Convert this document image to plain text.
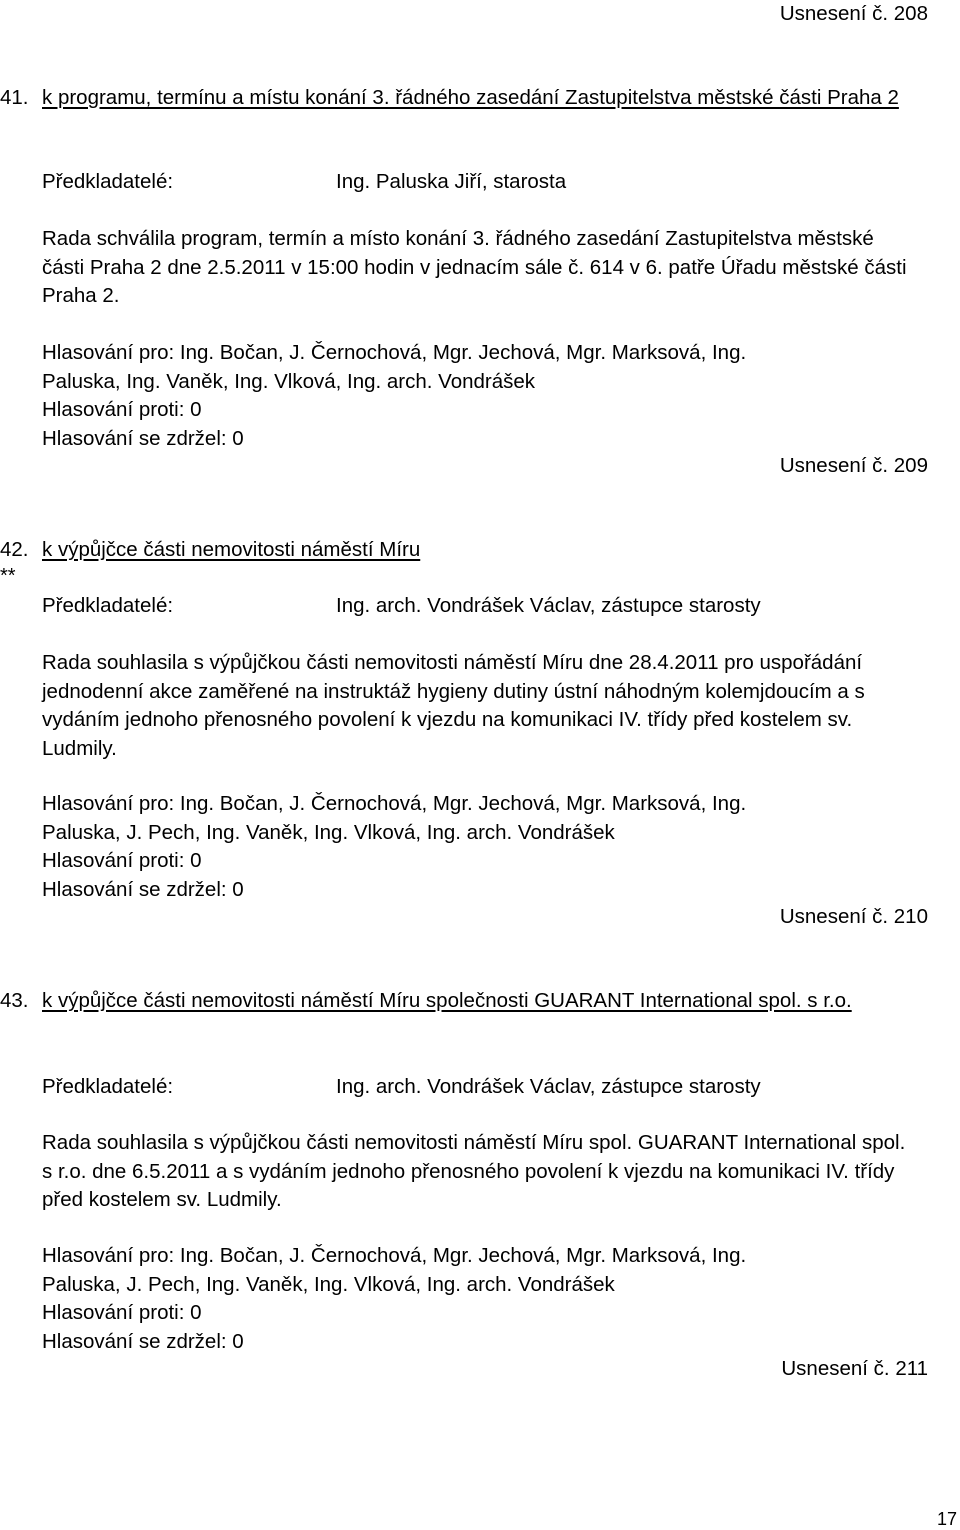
Usnesení č. 208
41. k programu, termínu a místu konání 3. řádného zasedání Zastupitelstva městské části Praha 2
Předkladatelé:	Ing. Paluska Jiří, starosta
Rada schválila program, termín a místo konání 3. řádného zasedání Zastupitelstva městské části Praha 2 dne 2.5.2011 v 15:00 hodin v jednacím sále č. 614 v 6. patře Úřadu městské části Praha 2.
Hlasování pro: Ing. Bočan, J. Černochová, Mgr. Jechová, Mgr. Marksová, Ing.
Paluska, Ing. Vaněk, Ing. Vlková, Ing. arch. Vondrášek
Hlasování proti: 0
Hlasování se zdržel: 0
Usnesení č. 209
42.
**
k výpůjčce části nemovitosti náměstí Míru
Předkladatelé:	Ing. arch. Vondrášek Václav, zástupce starosty
Rada souhlasila s výpůjčkou části nemovitosti náměstí Míru dne 28.4.2011 pro uspořádání jednodenní akce zaměřené na instruktáž hygieny dutiny ústní náhodným kolemjdoucím a s vydáním jednoho přenosného povolení k vjezdu na komunikaci IV. třídy před kostelem sv. Ludmily.
Hlasování pro: Ing. Bočan, J. Černochová, Mgr. Jechová, Mgr. Marksová, Ing.
Paluska, J. Pech, Ing. Vaněk, Ing. Vlková, Ing. arch. Vondrášek
Hlasování proti: 0
Hlasování se zdržel: 0
Usnesení č. 210
43. k výpůjčce části nemovitosti náměstí Míru společnosti GUARANT International spol. s r.o.
Předkladatelé:	Ing. arch. Vondrášek Václav, zástupce starosty
Rada souhlasila s výpůjčkou části nemovitosti náměstí Míru spol. GUARANT International spol. s r.o. dne 6.5.2011 a s vydáním jednoho přenosného povolení k vjezdu na komunikaci IV. třídy před kostelem sv. Ludmily.
Hlasování pro: Ing. Bočan, J. Černochová, Mgr. Jechová, Mgr. Marksová, Ing.
Paluska, J. Pech, Ing. Vaněk, Ing. Vlková, Ing. arch. Vondrášek
Hlasování proti: 0
Hlasování se zdržel: 0
Usnesení č. 211
17
